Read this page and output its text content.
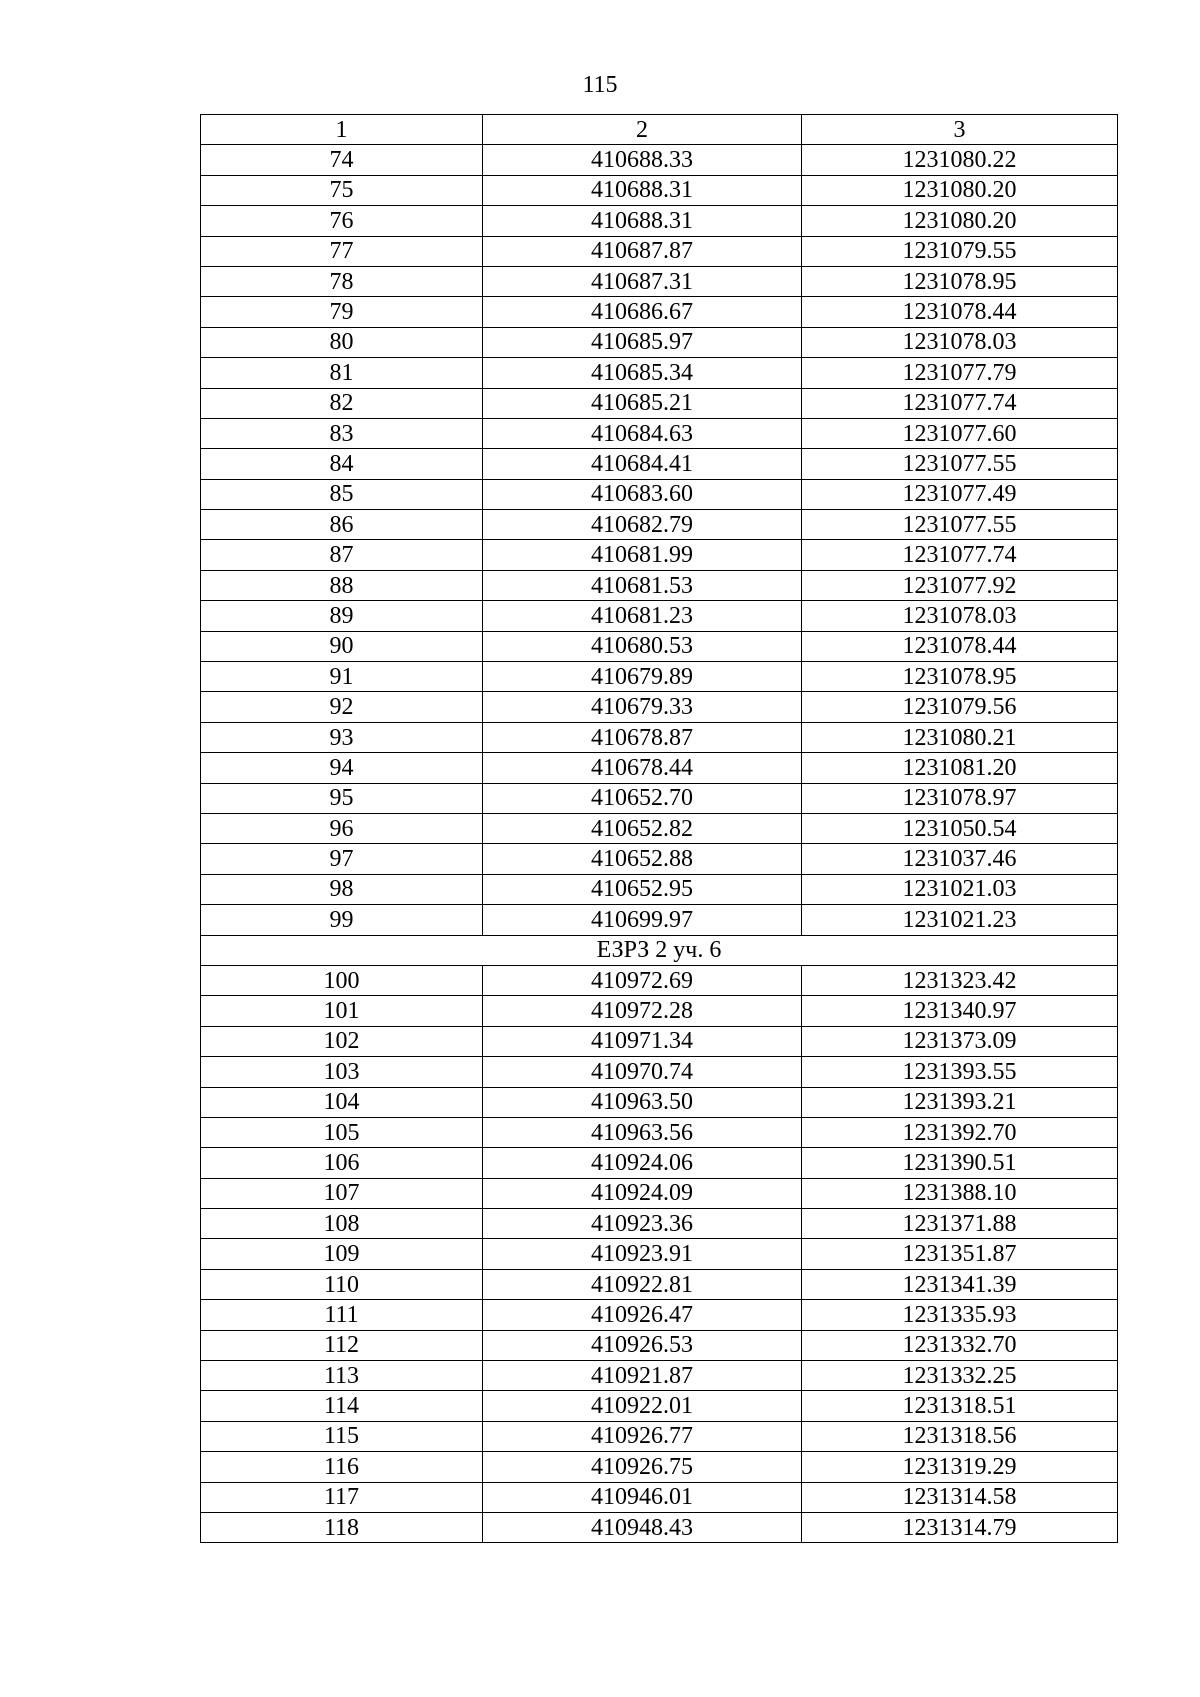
115
1	2	3
74	410688.33	1231080.22
75	410688.31	1231080.20
76	410688.31	1231080.20
77	410687.87	1231079.55
78	410687.31	1231078.95
79	410686.67	1231078.44
80	410685.97	1231078.03
81	410685.34	1231077.79
82	410685.21	1231077.74
83	410684.63	1231077.60
84	410684.41	1231077.55
85	410683.60	1231077.49
86	410682.79	1231077.55
87	410681.99	1231077.74
88	410681.53	1231077.92
89	410681.23	1231078.03
90	410680.53	1231078.44
91	410679.89	1231078.95
92	410679.33	1231079.56
93	410678.87	1231080.21
94	410678.44	1231081.20
95	410652.70	1231078.97
96	410652.82	1231050.54
97	410652.88	1231037.46
98	410652.95	1231021.03
99	410699.97	1231021.23
ЕЗРЗ 2 уч. 6		
100	410972.69	1231323.42
101	410972.28	1231340.97
102	410971.34	1231373.09
103	410970.74	1231393.55
104	410963.50	1231393.21
105	410963.56	1231392.70
106	410924.06	1231390.51
107	410924.09	1231388.10
108	410923.36	1231371.88
109	410923.91	1231351.87
110	410922.81	1231341.39
111	410926.47	1231335.93
112	410926.53	1231332.70
113	410921.87	1231332.25
114	410922.01	1231318.51
115	410926.77	1231318.56
116	410926.75	1231319.29
117	410946.01	1231314.58
118	410948.43	1231314.79
